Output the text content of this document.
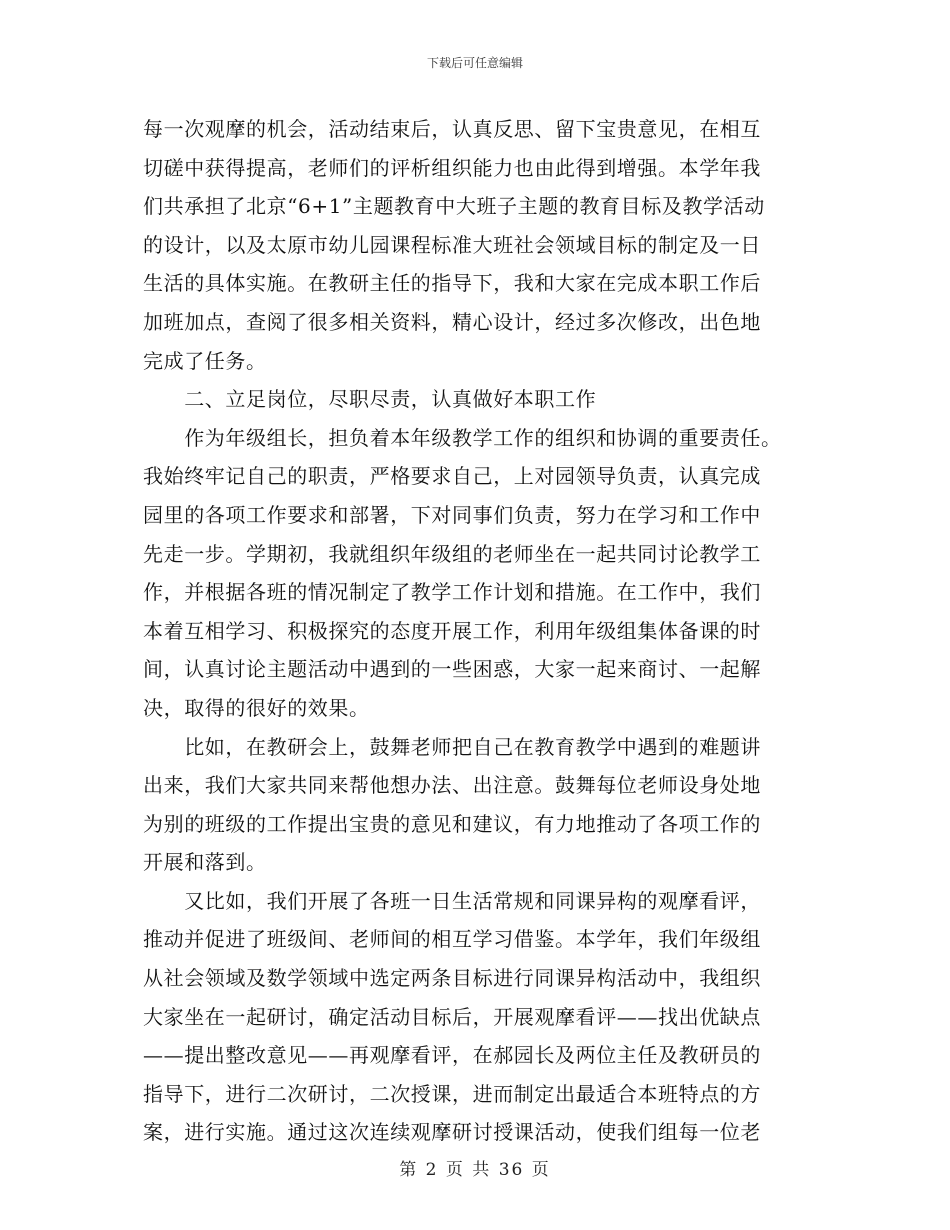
下载后可任意编辑
每一次观摩的机会，活动结束后，认真反思、留下宝贵意见，在相互
切磋中获得提高，老师们的评析组织能力也由此得到增强。本学年我
们共承担了北京“6+1”主题教育中大班子主题的教育目标及教学活动
的设计，以及太原市幼儿园课程标准大班社会领域目标的制定及一日
生活的具体实施。在教研主任的指导下，我和大家在完成本职工作后
加班加点，查阅了很多相关资料，精心设计，经过多次修改，出色地
完成了任务。
　　二、立足岗位，尽职尽责，认真做好本职工作
　　作为年级组长，担负着本年级教学工作的组织和协调的重要责任。
我始终牢记自己的职责，严格要求自己，上对园领导负责，认真完成
园里的各项工作要求和部署，下对同事们负责，努力在学习和工作中
先走一步。学期初，我就组织年级组的老师坐在一起共同讨论教学工
作，并根据各班的情况制定了教学工作计划和措施。在工作中，我们
本着互相学习、积极探究的态度开展工作，利用年级组集体备课的时
间，认真讨论主题活动中遇到的一些困惑，大家一起来商讨、一起解
决，取得的很好的效果。
　　比如，在教研会上，鼓舞老师把自己在教育教学中遇到的难题讲
出来，我们大家共同来帮他想办法、出注意。鼓舞每位老师设身处地
为别的班级的工作提出宝贵的意见和建议，有力地推动了各项工作的
开展和落到。
　　又比如，我们开展了各班一日生活常规和同课异构的观摩看评，
推动并促进了班级间、老师间的相互学习借鉴。本学年，我们年级组
从社会领域及数学领域中选定两条目标进行同课异构活动中，我组织
大家坐在一起研讨，确定活动目标后，开展观摩看评——找出优缺点
——提出整改意见——再观摩看评，在郝园长及两位主任及教研员的
指导下，进行二次研讨，二次授课，进而制定出最适合本班特点的方
案，进行实施。通过这次连续观摩研讨授课活动，使我们组每一位老
第 2 页 共 36 页
